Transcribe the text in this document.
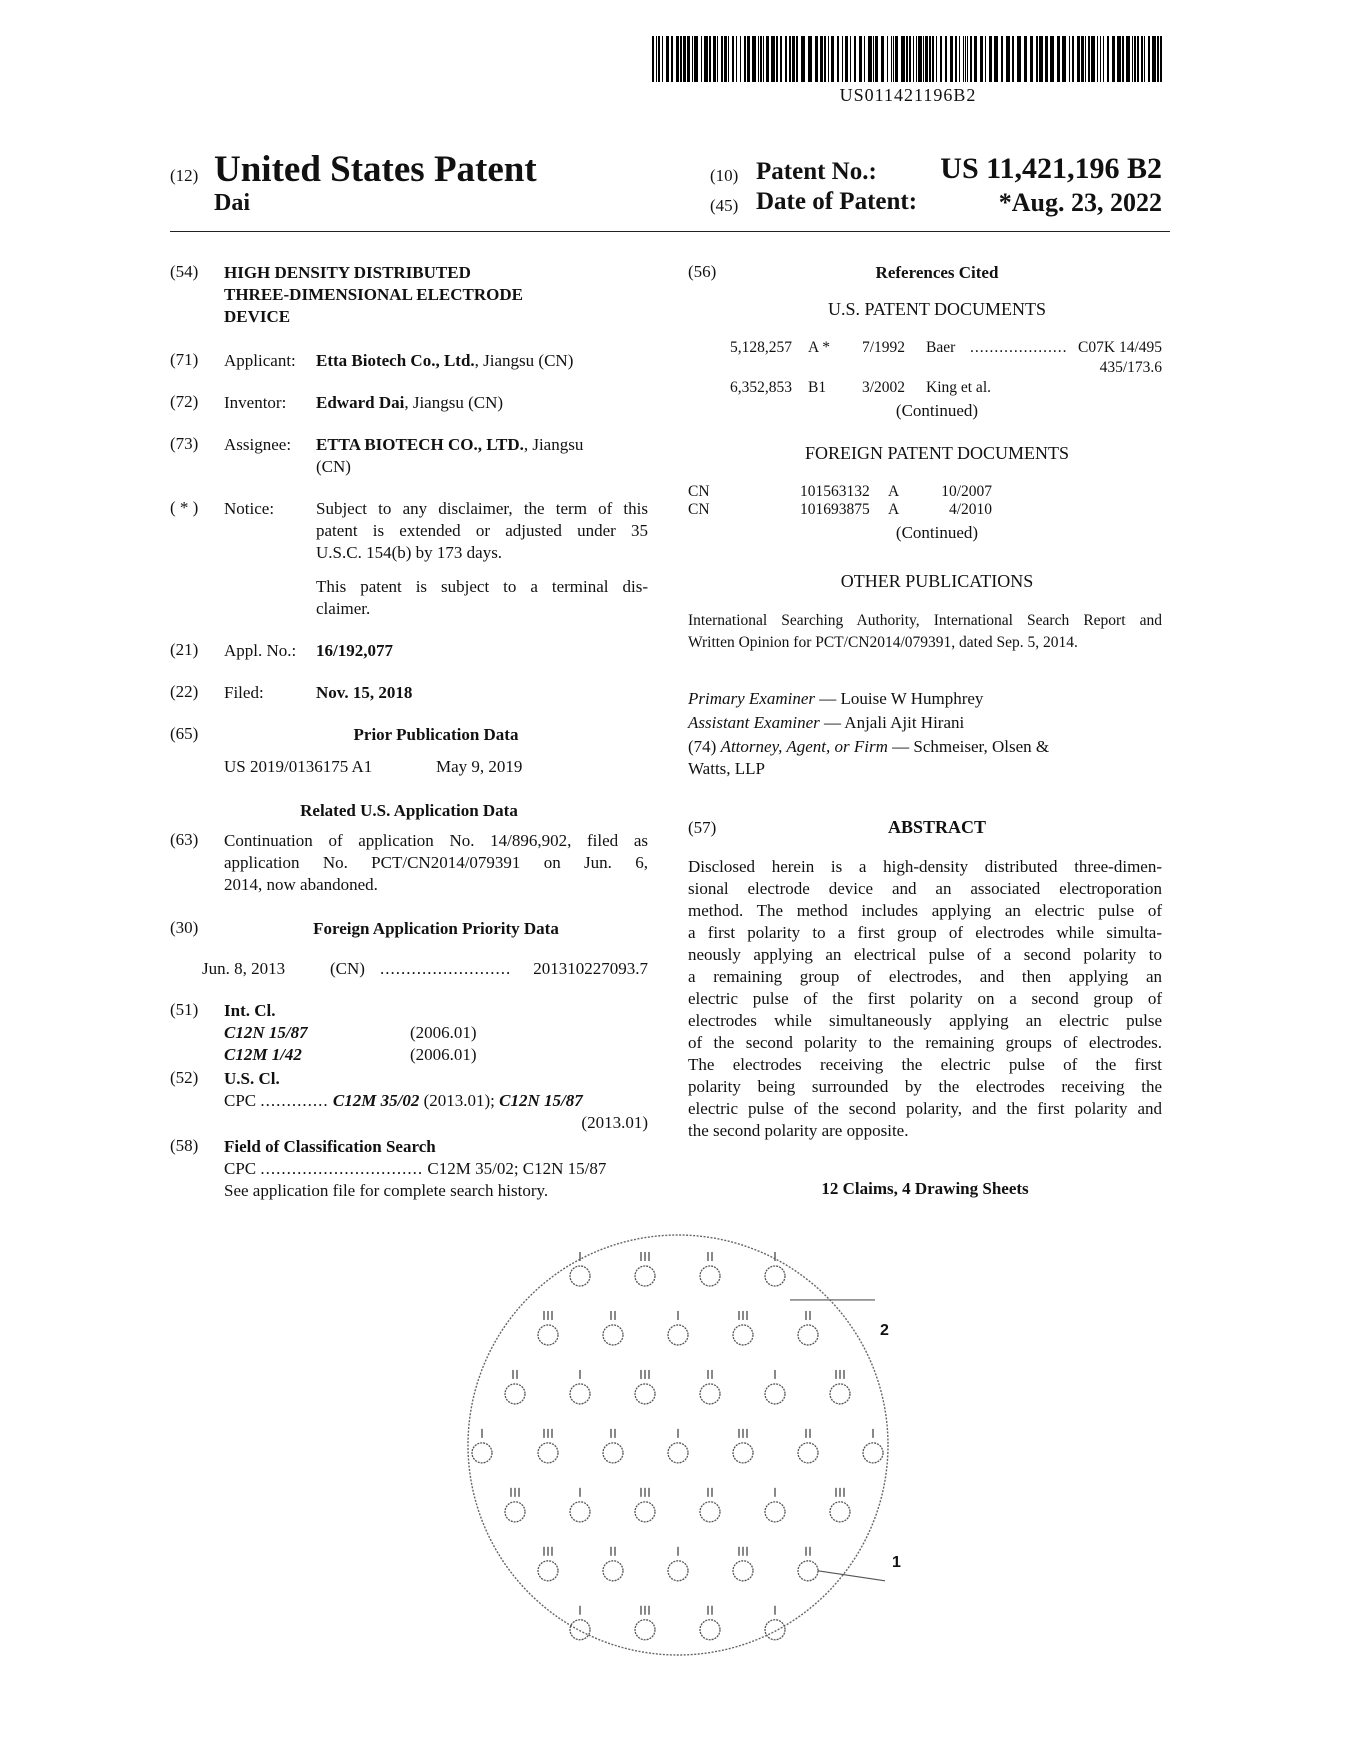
US011421196B2
(12) United States Patent
Dai
(10) Patent No.:	US 11,421,196 B2
(45) Date of Patent:	*Aug. 23, 2022
(54) HIGH DENSITY DISTRIBUTED
THREE-DIMENSIONAL ELECTRODE
DEVICE
(71) Applicant: Etta Biotech Co., Ltd., Jiangsu (CN)
(72) Inventor: Edward Dai, Jiangsu (CN)
(73) Assignee: ETTA BIOTECH CO., LTD., Jiangsu
(CN)
( * ) Notice: Subject to any disclaimer, the term of this
patent is extended or adjusted under 35
U.S.C. 154(b) by 173 days.
This patent is subject to a terminal dis-
claimer.
(21) Appl. No.: 16/192,077
(22) Filed:	Nov. 15, 2018
(65)	Prior Publication Data
US 2019/0136175 A1	May 9, 2019
Related U.S. Application Data
(63) Continuation of application No. 14/896,902, filed as
application No. PCT/CN2014/079391 on Jun. 6,
2014, now abandoned.
(30)	Foreign Application Priority Data
Jun. 8, 2013	(CN) .........................	201310227093.7
(51) Int. Cl.
C12N 15/87	(2006.01)
C12M 1/42	(2006.01)
(52) U.S. Cl.
CPC ............. C12M 35/02 (2013.01); C12N 15/87
(2013.01)
(58) Field of Classification Search
CPC ............................... C12M 35/02; C12N 15/87
See application file for complete search history.
(56)	References Cited
U.S. PATENT DOCUMENTS
5,128,257 A * 7/1992 Baer .................... C07K 14/495
435/173.6
6,352,853 B1 3/2002 King et al.
(Continued)
FOREIGN PATENT DOCUMENTS
CN	101563132 A	10/2007
CN	101693875 A	4/2010
(Continued)
OTHER PUBLICATIONS
International Searching Authority, International Search Report and
Written Opinion for PCT/CN2014/079391, dated Sep. 5, 2014.
Primary Examiner — Louise W Humphrey
Assistant Examiner — Anjali Ajit Hirani
(74) Attorney, Agent, or Firm — Schmeiser, Olsen &
Watts, LLP
(57)	ABSTRACT
Disclosed herein is a high-density distributed three-dimen-
sional electrode device and an associated electroporation
method. The method includes applying an electric pulse of
a first polarity to a first group of electrodes while simulta-
neously applying an electrical pulse of a second polarity to
a remaining group of electrodes, and then applying an
electric pulse of the first polarity on a second group of
electrodes while simultaneously applying an electric pulse
of the second polarity to the remaining groups of electrodes.
The electrodes receiving the electric pulse of the first
polarity being surrounded by the electrodes receiving the
electric pulse of the second polarity, and the first polarity and
the second polarity are opposite.
12 Claims, 4 Drawing Sheets
2
1
